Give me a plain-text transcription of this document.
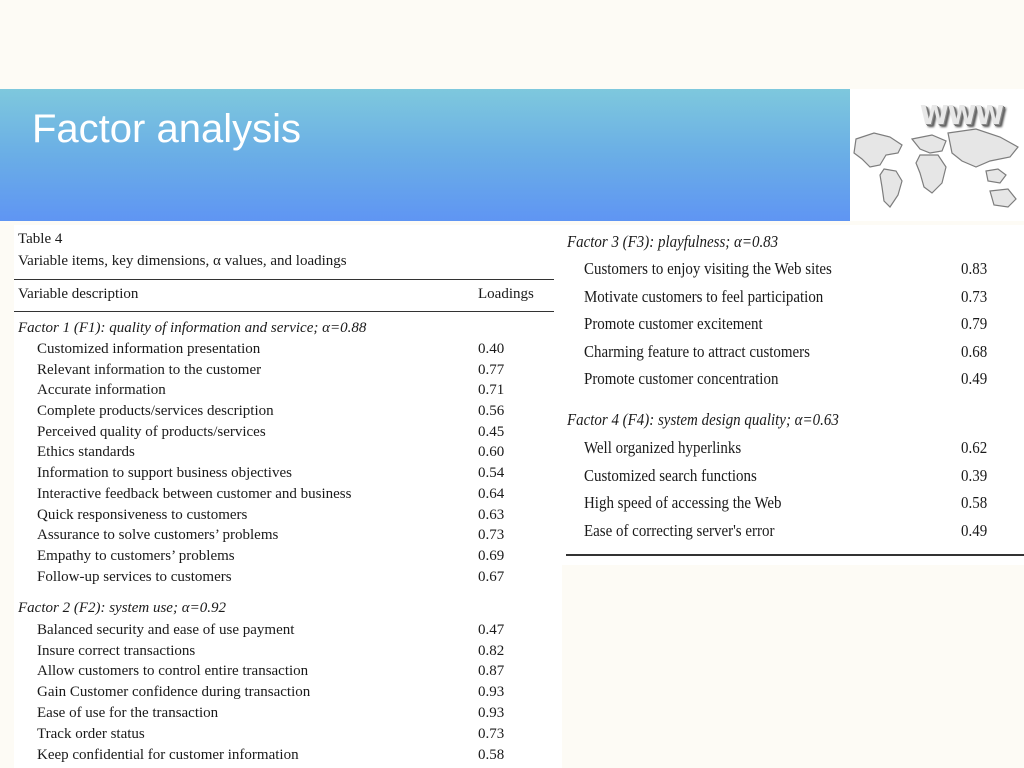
Factor analysis	WWW
Table 4
Variable items, key dimensions, α values, and loadings
Variable description	Loadings
Factor 1 (F1): quality of information and service; α=0.88
Customized information presentation	0.40
Relevant information to the customer	0.77
Accurate information	0.71
Complete products/services description	0.56
Perceived quality of products/services	0.45
Ethics standards	0.60
Information to support business objectives	0.54
Interactive feedback between customer and business	0.64
Quick responsiveness to customers	0.63
Assurance to solve customers’ problems	0.73
Empathy to customers’ problems	0.69
Follow-up services to customers	0.67
Factor 2 (F2): system use; α=0.92
Balanced security and ease of use payment	0.47
Insure correct transactions	0.82
Allow customers to control entire transaction	0.87
Gain Customer confidence during transaction	0.93
Ease of use for the transaction	0.93
Track order status	0.73
Keep confidential for customer information	0.58
Factor 3 (F3): playfulness; α=0.83
Customers to enjoy visiting the Web sites	0.83
Motivate customers to feel participation	0.73
Promote customer excitement	0.79
Charming feature to attract customers	0.68
Promote customer concentration	0.49
Factor 4 (F4): system design quality; α=0.63
Well organized hyperlinks	0.62
Customized search functions	0.39
High speed of accessing the Web	0.58
Ease of correcting server's error	0.49
